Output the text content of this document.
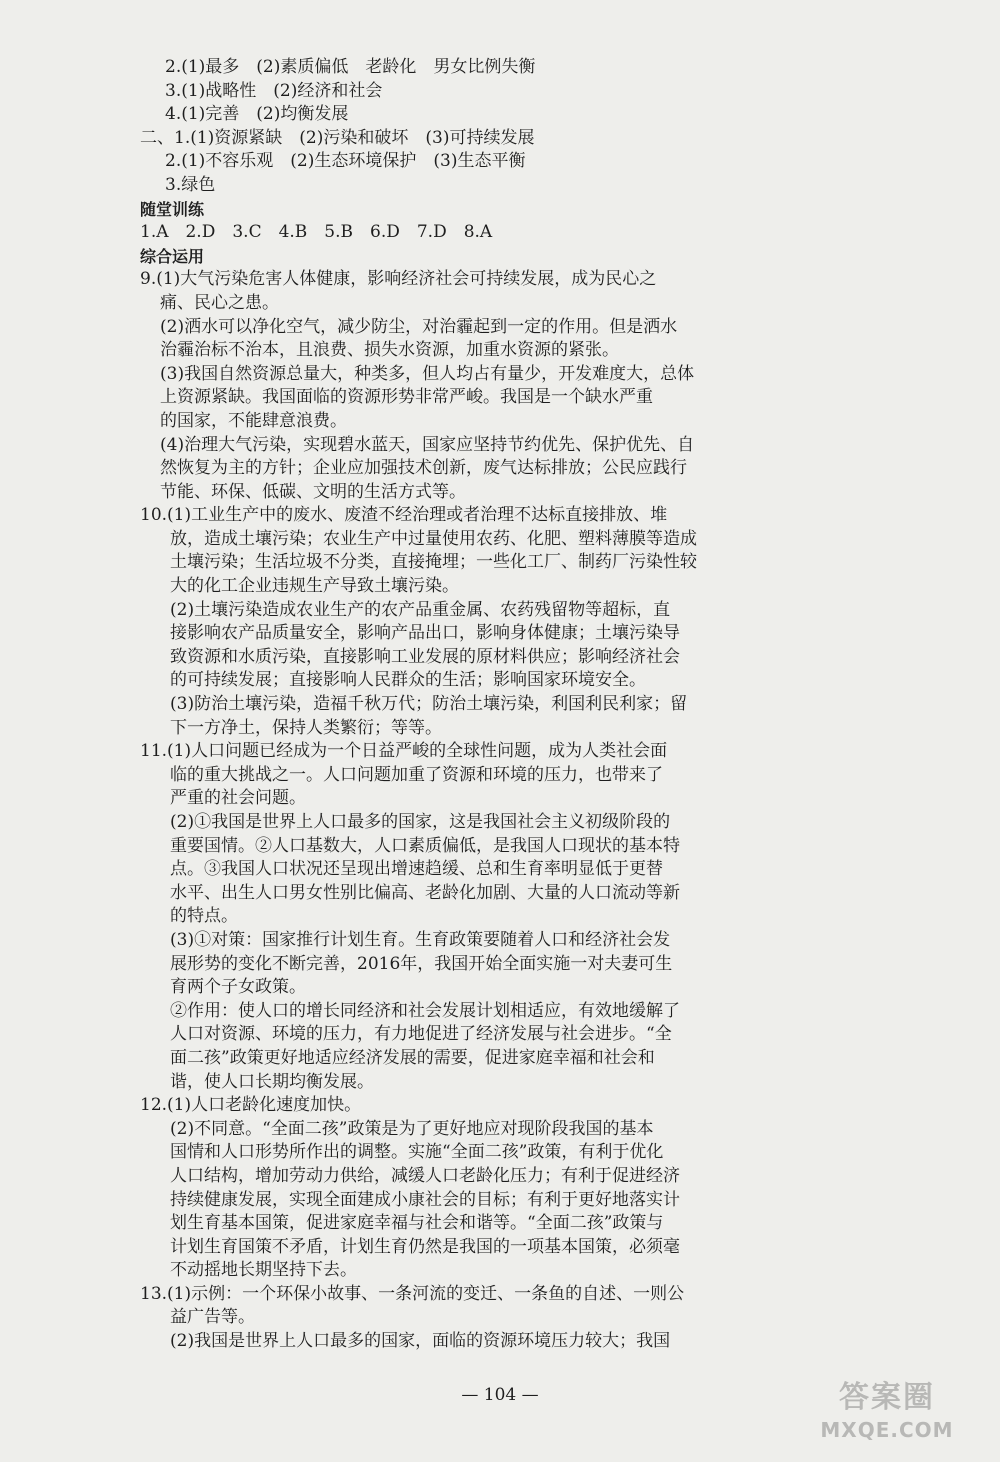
2.(1)最多　(2)素质偏低　老龄化　男女比例失衡
3.(1)战略性　(2)经济和社会
4.(1)完善　(2)均衡发展
二、1.(1)资源紧缺　(2)污染和破坏　(3)可持续发展
2.(1)不容乐观　(2)生态环境保护　(3)生态平衡
3.绿色
随堂训练
1.A　2.D　3.C　4.B　5.B　6.D　7.D　8.A
综合运用
9.(1)大气污染危害人体健康，影响经济社会可持续发展，成为民心之
痛、民心之患。
(2)洒水可以净化空气，减少防尘，对治霾起到一定的作用。但是洒水
治霾治标不治本，且浪费、损失水资源，加重水资源的紧张。
(3)我国自然资源总量大，种类多，但人均占有量少，开发难度大，总体
上资源紧缺。我国面临的资源形势非常严峻。我国是一个缺水严重
的国家，不能肆意浪费。
(4)治理大气污染，实现碧水蓝天，国家应坚持节约优先、保护优先、自
然恢复为主的方针；企业应加强技术创新，废气达标排放；公民应践行
节能、环保、低碳、文明的生活方式等。
10.(1)工业生产中的废水、废渣不经治理或者治理不达标直接排放、堆
放，造成土壤污染；农业生产中过量使用农药、化肥、塑料薄膜等造成
土壤污染；生活垃圾不分类，直接掩埋；一些化工厂、制药厂污染性较
大的化工企业违规生产导致土壤污染。
(2)土壤污染造成农业生产的农产品重金属、农药残留物等超标，直
接影响农产品质量安全，影响产品出口，影响身体健康；土壤污染导
致资源和水质污染，直接影响工业发展的原材料供应；影响经济社会
的可持续发展；直接影响人民群众的生活；影响国家环境安全。
(3)防治土壤污染，造福千秋万代；防治土壤污染，利国利民利家；留
下一方净土，保持人类繁衍；等等。
11.(1)人口问题已经成为一个日益严峻的全球性问题，成为人类社会面
临的重大挑战之一。人口问题加重了资源和环境的压力，也带来了
严重的社会问题。
(2)①我国是世界上人口最多的国家，这是我国社会主义初级阶段的
重要国情。②人口基数大，人口素质偏低，是我国人口现状的基本特
点。③我国人口状况还呈现出增速趋缓、总和生育率明显低于更替
水平、出生人口男女性别比偏高、老龄化加剧、大量的人口流动等新
的特点。
(3)①对策：国家推行计划生育。生育政策要随着人口和经济社会发
展形势的变化不断完善，2016年，我国开始全面实施一对夫妻可生
育两个子女政策。
②作用：使人口的增长同经济和社会发展计划相适应，有效地缓解了
人口对资源、环境的压力，有力地促进了经济发展与社会进步。“全
面二孩”政策更好地适应经济发展的需要，促进家庭幸福和社会和
谐，使人口长期均衡发展。
12.(1)人口老龄化速度加快。
(2)不同意。“全面二孩”政策是为了更好地应对现阶段我国的基本
国情和人口形势所作出的调整。实施“全面二孩”政策，有利于优化
人口结构，增加劳动力供给，减缓人口老龄化压力；有利于促进经济
持续健康发展，实现全面建成小康社会的目标；有利于更好地落实计
划生育基本国策，促进家庭幸福与社会和谐等。“全面二孩”政策与
计划生育国策不矛盾，计划生育仍然是我国的一项基本国策，必须毫
不动摇地长期坚持下去。
13.(1)示例：一个环保小故事、一条河流的变迁、一条鱼的自述、一则公
益广告等。
(2)我国是世界上人口最多的国家，面临的资源环境压力较大；我国
— 104 —	答案圈
MXQE.COM
